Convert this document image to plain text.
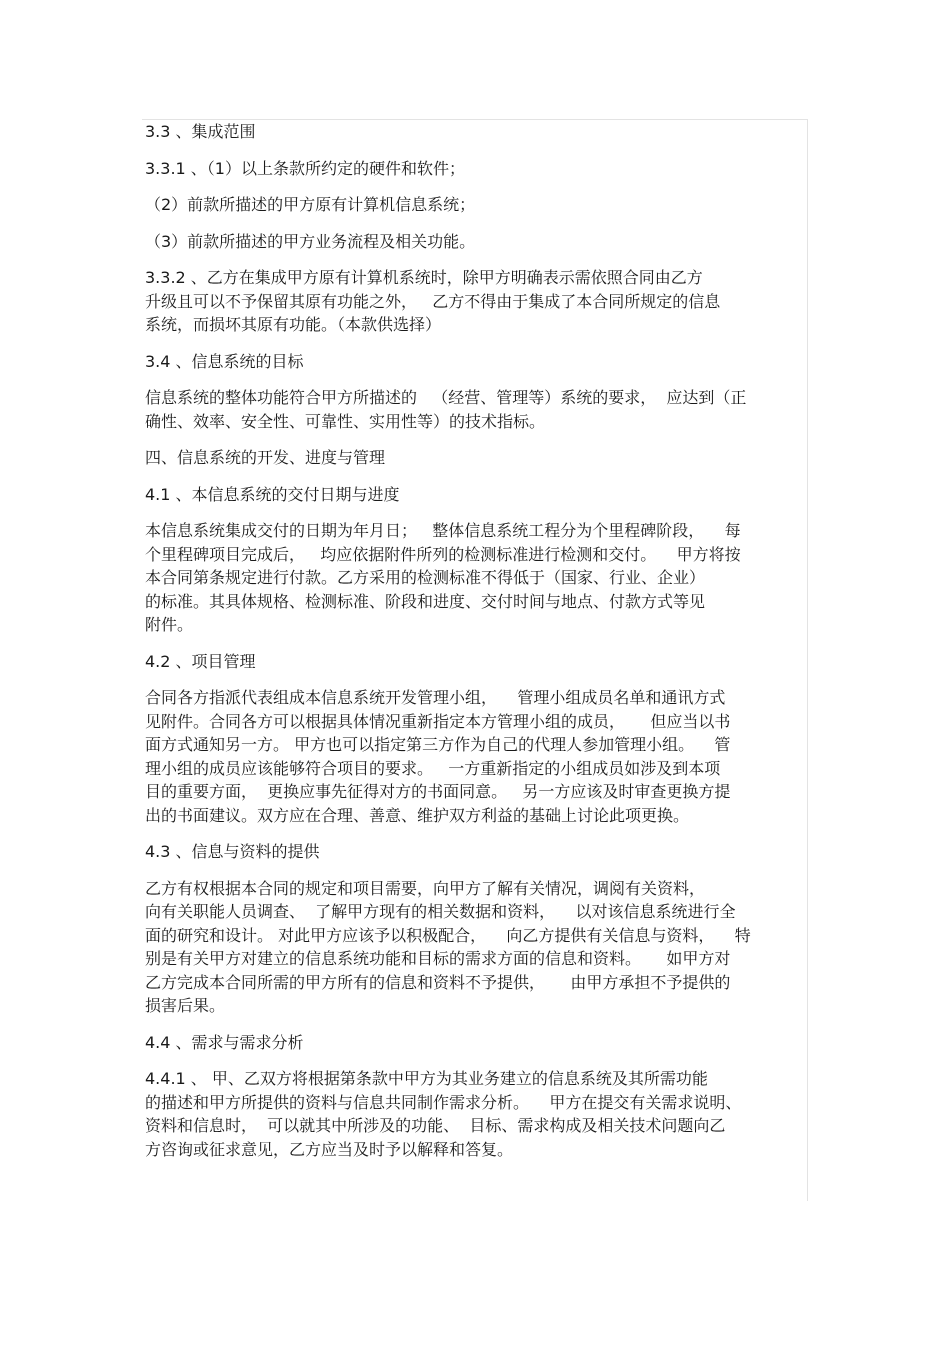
3.3 、集成范围
3.3.1 、（1）以上条款所约定的硬件和软件；
（2）前款所描述的甲方原有计算机信息系统；
（3）前款所描述的甲方业务流程及相关功能。
3.3.2 、乙方在集成甲方原有计算机系统时，除甲方明确表示需依照合同由乙方
升级且可以不予保留其原有功能之外，   乙方不得由于集成了本合同所规定的信息
系统，而损坏其原有功能。（本款供选择）
3.4 、信息系统的目标
信息系统的整体功能符合甲方所描述的   （经营、管理等）系统的要求，  应达到（正
确性、效率、安全性、可靠性、实用性等）的技术指标。
四、信息系统的开发、进度与管理
4.1 、本信息系统的交付日期与进度
本信息系统集成交付的日期为年月日；   整体信息系统工程分为个里程碑阶段，    每
个里程碑项目完成后，   均应依据附件所列的检测标准进行检测和交付。    甲方将按
本合同第条规定进行付款。乙方采用的检测标准不得低于（国家、行业、企业）
的标准。其具体规格、检测标准、阶段和进度、交付时间与地点、付款方式等见
附件。
4.2 、项目管理
合同各方指派代表组成本信息系统开发管理小组，    管理小组成员名单和通讯方式
见附件。合同各方可以根据具体情况重新指定本方管理小组的成员，     但应当以书
面方式通知另一方。 甲方也可以指定第三方作为自己的代理人参加管理小组。    管
理小组的成员应该能够符合项目的要求。   一方重新指定的小组成员如涉及到本项
目的重要方面，  更换应事先征得对方的书面同意。   另一方应该及时审查更换方提
出的书面建议。双方应在合理、善意、维护双方利益的基础上讨论此项更换。
4.3 、信息与资料的提供
乙方有权根据本合同的规定和项目需要，向甲方了解有关情况，调阅有关资料，
向有关职能人员调查、  了解甲方现有的相关数据和资料，    以对该信息系统进行全
面的研究和设计。 对此甲方应该予以积极配合，    向乙方提供有关信息与资料，    特
别是有关甲方对建立的信息系统功能和目标的需求方面的信息和资料。     如甲方对
乙方完成本合同所需的甲方所有的信息和资料不予提供，     由甲方承担不予提供的
损害后果。
4.4 、需求与需求分析
4.4.1 、 甲、乙双方将根据第条款中甲方为其业务建立的信息系统及其所需功能
的描述和甲方所提供的资料与信息共同制作需求分析。    甲方在提交有关需求说明、
资料和信息时，  可以就其中所涉及的功能、  目标、需求构成及相关技术问题向乙
方咨询或征求意见，乙方应当及时予以解释和答复。
